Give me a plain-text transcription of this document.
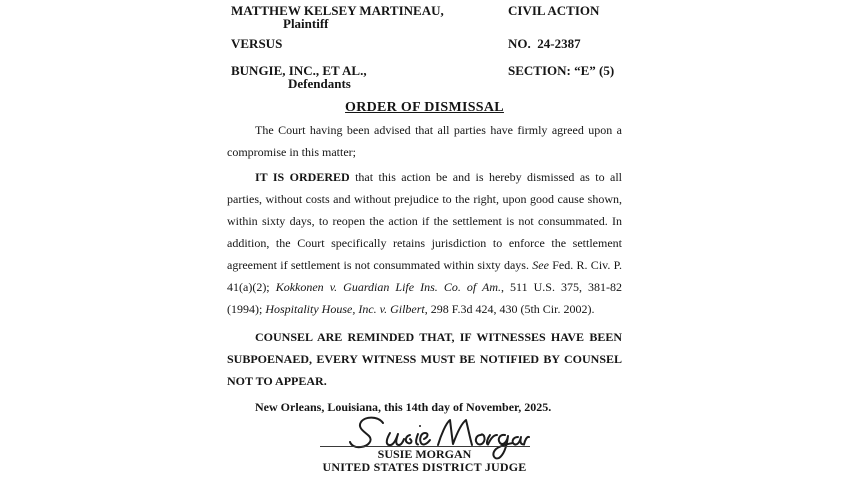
MATTHEW KELSEY MARTINEAU,	CIVIL ACTION
Plaintiff
VERSUS	NO.  24-2387
BUNGIE, INC., ET AL.,	SECTION: “E” (5)
Defendants
ORDER OF DISMISSAL

The Court having been advised that all parties have firmly agreed upon a compromise in this matter;

IT IS ORDERED that this action be and is hereby dismissed as to all parties, without costs and without prejudice to the right, upon good cause shown, within sixty days, to reopen the action if the settlement is not consummated. In addition, the Court specifically retains jurisdiction to enforce the settlement agreement if settlement is not consummated within sixty days. See Fed. R. Civ. P. 41(a)(2); Kokkonen v. Guardian Life Ins. Co. of Am., 511 U.S. 375, 381-82 (1994); Hospitality House, Inc. v. Gilbert, 298 F.3d 424, 430 (5th Cir. 2002).

COUNSEL ARE REMINDED THAT, IF WITNESSES HAVE BEEN SUBPOENAED, EVERY WITNESS MUST BE NOTIFIED BY COUNSEL NOT TO APPEAR.

New Orleans, Louisiana, this 14th day of November, 2025.

SUSIE MORGAN
UNITED STATES DISTRICT JUDGE
